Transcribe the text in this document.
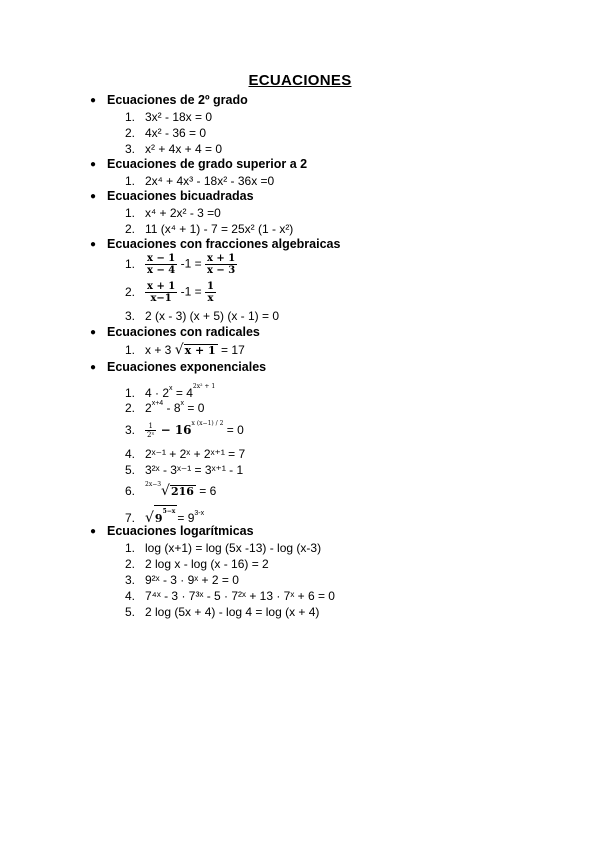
ECUACIONES
● Ecuaciones de 2º grado
1. 3x² - 18x = 0
2. 4x² - 36 = 0
3. x² + 4x + 4 = 0
● Ecuaciones de grado superior a 2
1. 2x⁴ + 4x³ - 18x² - 36x =0
● Ecuaciones bicuadradas
1. x⁴ + 2x² - 3 =0
2. 11 (x⁴ + 1) - 7 = 25x² (1 - x²)
● Ecuaciones con fracciones algebraicas
1. $\frac{x - 1}{x - 4} -1 = \frac{x + 1}{x - 3}$
2. $\frac{x + 1}{x-1} -1 = \frac{1}{x}$
3. 2 (x - 3) (x + 5) (x - 1) = 0
● Ecuaciones con radicales
1. x + 3 √x + 1 = 17
● Ecuaciones exponenciales
1. $4 \cdot 2^x = 4^{2x^2 + 1}$
2. $2^{x+4} - 8^x = 0$
3. $\frac{1}{\text{2ˣ}} - 16^{x (x-1) / 2} = 0$
4. 2ˣ⁻¹ + 2ˣ + 2ˣ⁺¹ = 7
5. 3²ˣ - 3ˣ⁻¹ = 3ˣ⁺¹ - 1
6. $^{2x-3}$√216 = 6
7. $√9^{5-x} = 9^{3-x}$
● Ecuaciones logarítmicas
1. log (x+1) = log (5x -13) - log (x-3)
2. 2 log x - log (x - 16) = 2
3. 9²ˣ - 3 · 9ˣ + 2 = 0
4. 7⁴ˣ - 3 · 7³ˣ - 5 · 7²ˣ + 13 · 7ˣ + 6 = 0
5. 2 log (5x + 4) - log 4 = log (x + 4)
